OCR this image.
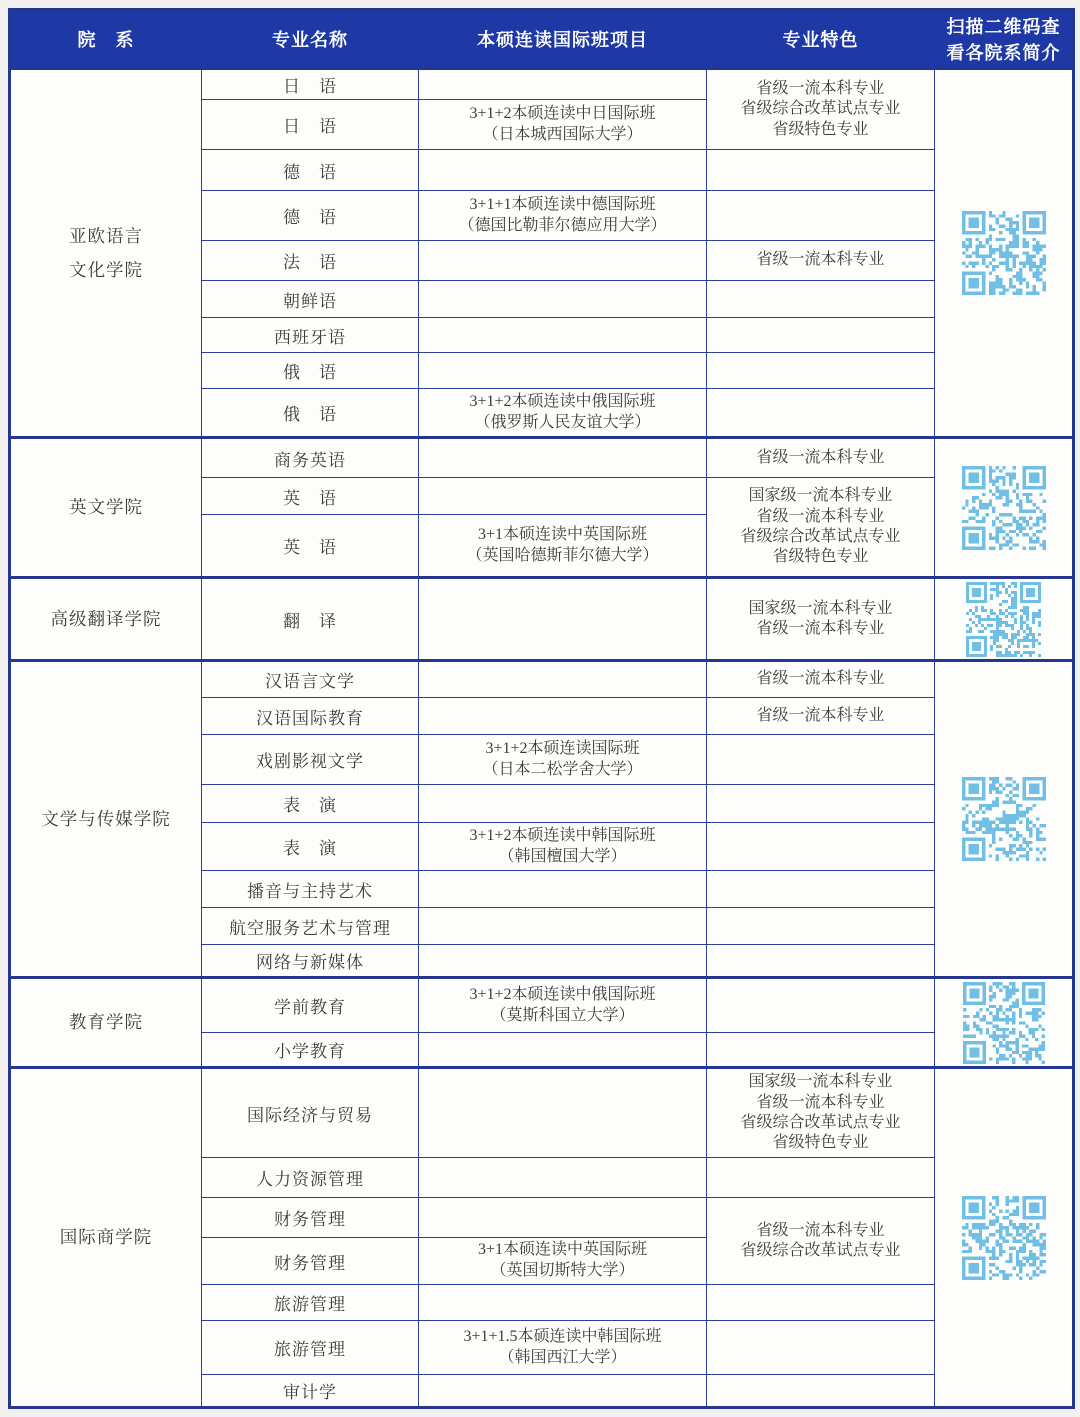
院　系	专业名称	本硕连读国际班项目	专业特色	扫描二维码查
看各院系简介

亚欧语言
文化学院	日　语		省级一流本科专业
省级综合改革试点专业
省级特色专业

	日　语	3+1+2本硕连读中日国际班
（日本城西国际大学）		

	德　语			
	德　语	3+1+1本硕连读中德国际班
（德国比勒菲尔德应用大学）		

	法　语		省级一流本科专业	

	朝鲜语			
	西班牙语			
	俄　语			
	俄　语	3+1+2本硕连读中俄国际班
（俄罗斯人民友谊大学）		

英文学院	商务英语		省级一流本科专业

	英　语		国家级一流本科专业
省级一流本科专业
省级综合改革试点专业
省级特色专业	

	英　语	3+1本硕连读中英国际班
（英国哈德斯菲尔德大学）		

高级翻译学院	翻　译		国家级一流本科专业
省级一流本科专业

文学与传媒学院	汉语言文学		省级一流本科专业

	汉语国际教育		省级一流本科专业	

	戏剧影视文学	3+1+2本硕连读国际班
（日本二松学舍大学）		

	表　演			
	表　演	3+1+2本硕连读中韩国际班
（韩国檀国大学）		

	播音与主持艺术			
	航空服务艺术与管理			
	网络与新媒体			

教育学院	学前教育	3+1+2本硕连读中俄国际班
（莫斯科国立大学）

	小学教育			

国际商学院	国际经济与贸易		国家级一流本科专业
省级一流本科专业
省级综合改革试点专业
省级特色专业

	人力资源管理			
	财务管理		省级一流本科专业
省级综合改革试点专业	

	财务管理	3+1本硕连读中英国际班
（英国切斯特大学）		

	旅游管理			
	旅游管理	3+1+1.5本硕连读中韩国际班
（韩国西江大学）		

	审计学			
